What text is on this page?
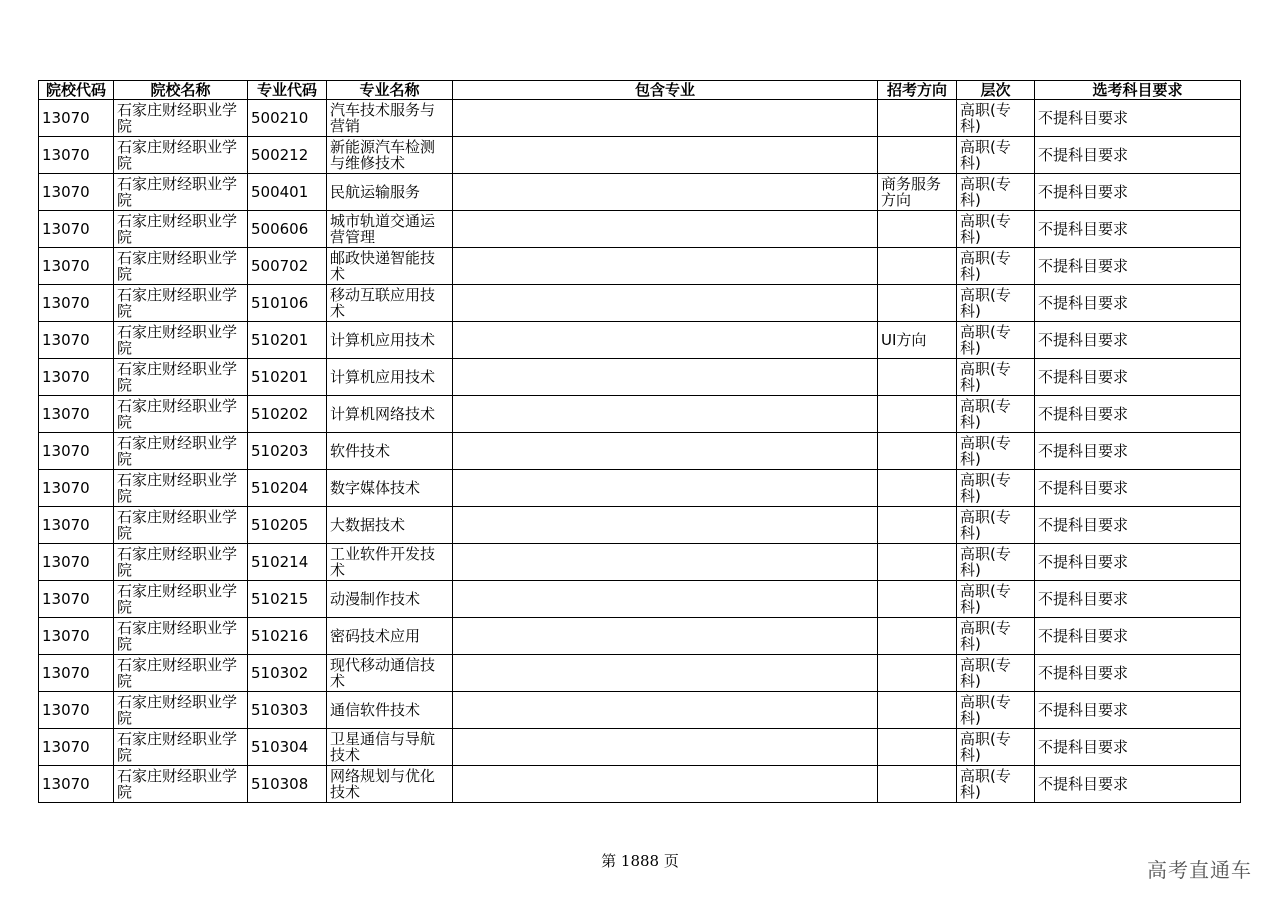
院校代码	院校名称	专业代码	专业名称	包含专业	招考方向	层次	选考科目要求
13070	石家庄财经职业学院	500210	汽车技术服务与营销			高职(专科)	不提科目要求
13070	石家庄财经职业学院	500212	新能源汽车检测与维修技术			高职(专科)	不提科目要求
13070	石家庄财经职业学院	500401	民航运输服务		商务服务方向	高职(专科)	不提科目要求
13070	石家庄财经职业学院	500606	城市轨道交通运营管理			高职(专科)	不提科目要求
13070	石家庄财经职业学院	500702	邮政快递智能技术			高职(专科)	不提科目要求
13070	石家庄财经职业学院	510106	移动互联应用技术			高职(专科)	不提科目要求
13070	石家庄财经职业学院	510201	计算机应用技术		UI方向	高职(专科)	不提科目要求
13070	石家庄财经职业学院	510201	计算机应用技术			高职(专科)	不提科目要求
13070	石家庄财经职业学院	510202	计算机网络技术			高职(专科)	不提科目要求
13070	石家庄财经职业学院	510203	软件技术			高职(专科)	不提科目要求
13070	石家庄财经职业学院	510204	数字媒体技术			高职(专科)	不提科目要求
13070	石家庄财经职业学院	510205	大数据技术			高职(专科)	不提科目要求
13070	石家庄财经职业学院	510214	工业软件开发技术			高职(专科)	不提科目要求
13070	石家庄财经职业学院	510215	动漫制作技术			高职(专科)	不提科目要求
13070	石家庄财经职业学院	510216	密码技术应用			高职(专科)	不提科目要求
13070	石家庄财经职业学院	510302	现代移动通信技术			高职(专科)	不提科目要求
13070	石家庄财经职业学院	510303	通信软件技术			高职(专科)	不提科目要求
13070	石家庄财经职业学院	510304	卫星通信与导航技术			高职(专科)	不提科目要求
13070	石家庄财经职业学院	510308	网络规划与优化技术			高职(专科)	不提科目要求
第 1888 页	高考直通车
